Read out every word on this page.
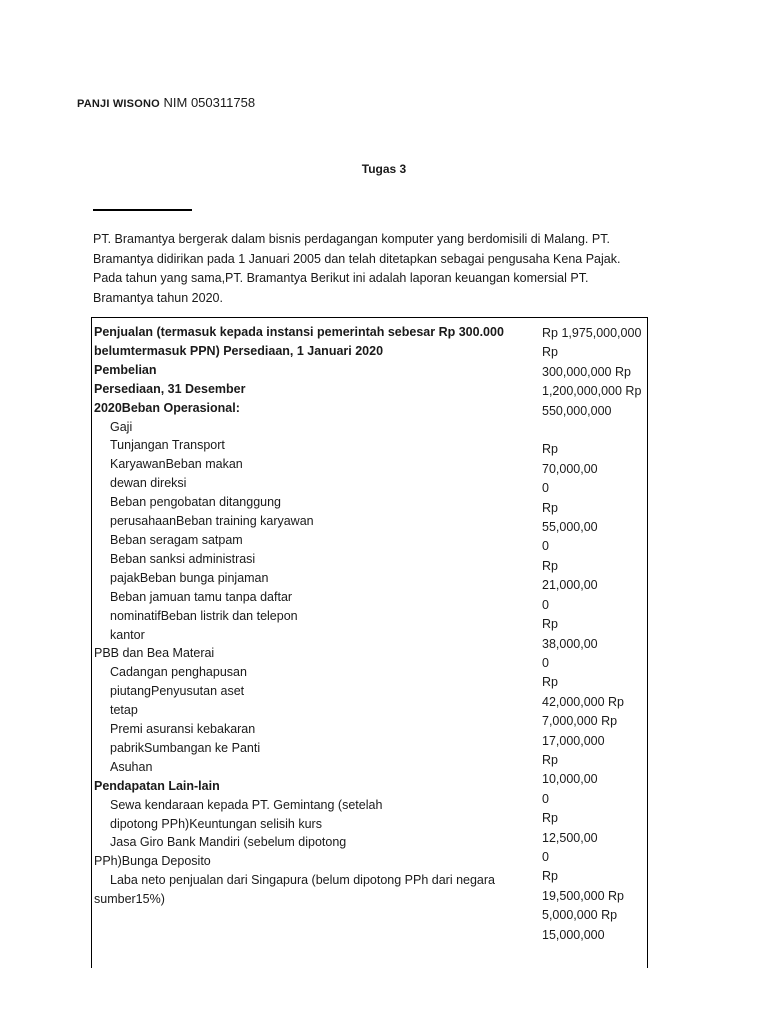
PANJI WISONO NIM 050311758
Tugas 3

PT. Bramantya bergerak dalam bisnis perdagangan komputer yang berdomisili di Malang. PT.

Bramantya didirikan pada 1 Januari 2005 dan telah ditetapkan sebagai pengusaha Kena Pajak.

Pada tahun yang sama,PT. Bramantya Berikut ini adalah laporan keuangan komersial PT.

Bramantya tahun 2020.

Penjualan (termasuk kepada instansi pemerintah sebesar Rp 300.000
belumtermasuk PPN) Persediaan, 1 Januari 2020
Pembelian
Persediaan, 31 Desember
2020Beban Operasional:
Gaji
Tunjangan Transport
KaryawanBeban makan
dewan direksi
Beban pengobatan ditanggung
perusahaanBeban training karyawan
Beban seragam satpam
Beban sanksi administrasi
pajakBeban bunga pinjaman
Beban jamuan tamu tanpa daftar
nominatifBeban listrik dan telepon
kantor
PBB dan Bea Materai
Cadangan penghapusan
piutangPenyusutan aset
tetap
Premi asuransi kebakaran
pabrikSumbangan ke Panti
Asuhan
Pendapatan Lain-lain
Sewa kendaraan kepada PT. Gemintang (setelah
dipotong PPh)Keuntungan selisih kurs
Jasa Giro Bank Mandiri (sebelum dipotong
PPh)Bunga Deposito
Laba neto penjualan dari Singapura (belum dipotong PPh dari negara
sumber15%)
Rp 1,975,000,000
Rp
300,000,000 Rp
1,200,000,000 Rp
550,000,000

Rp
70,000,00
0
Rp
55,000,00
0
Rp
21,000,00
0
Rp
38,000,00
0
Rp
42,000,000 Rp
7,000,000 Rp
17,000,000
Rp
10,000,00
0
Rp
12,500,00
0
Rp
19,500,000 Rp
5,000,000 Rp
15,000,000
